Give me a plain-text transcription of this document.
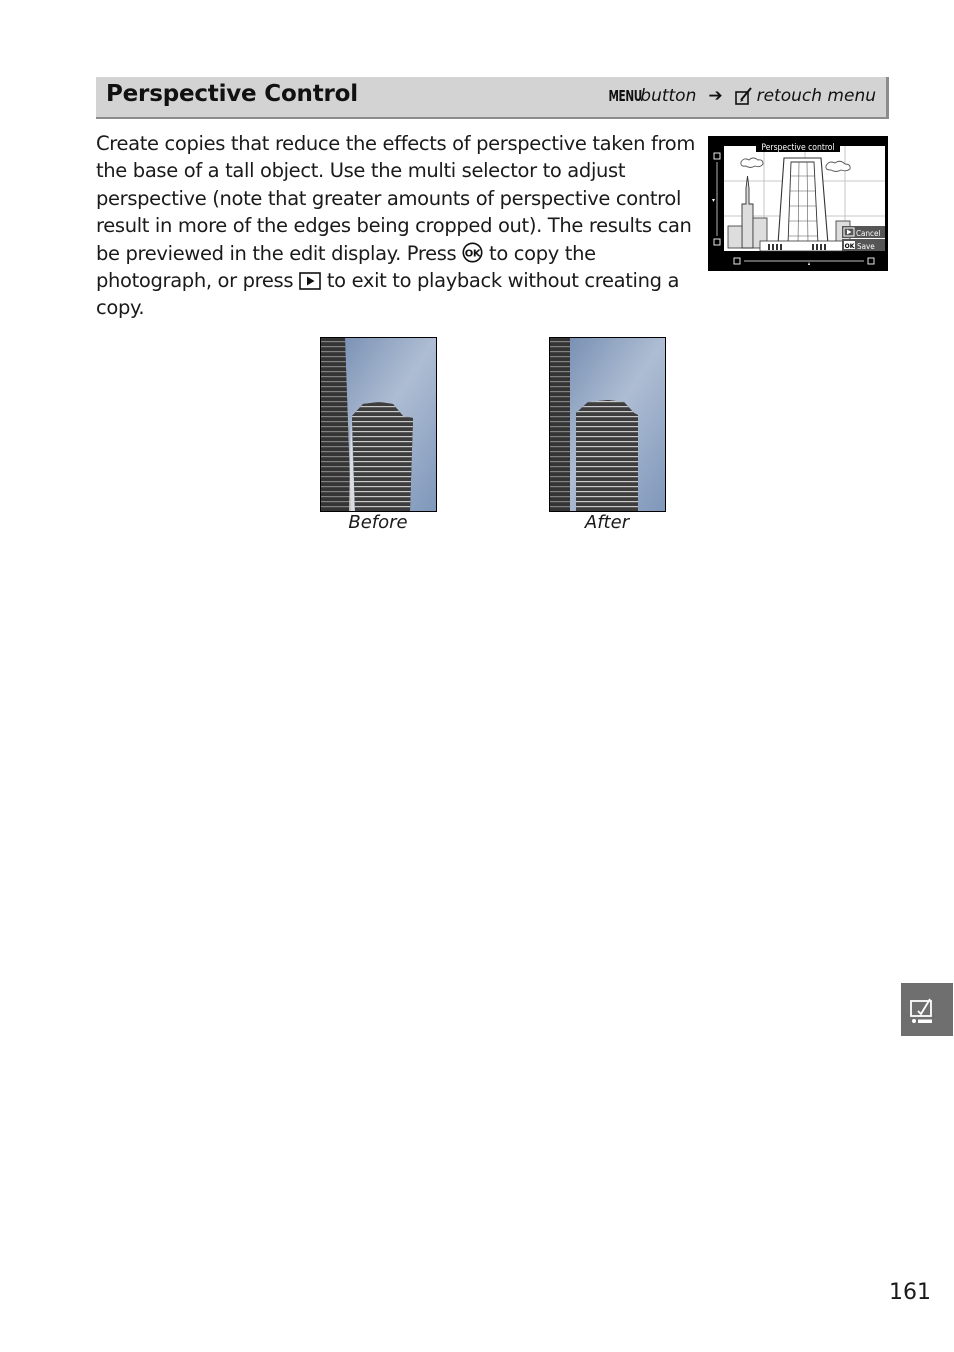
Perspective Control	MENU
button ➔ retouch menu

Create copies that reduce the effects of perspective taken from the base of a tall object. Use the multi selector to adjust perspective (note that greater amounts of perspective control result in more of the edges being cropped out). The results can be previewed in the edit display. Press OK to copy the photograph, or press  to exit to playback without creating a copy.

Perspective control
Cancel
OK Save
Before	After
161
